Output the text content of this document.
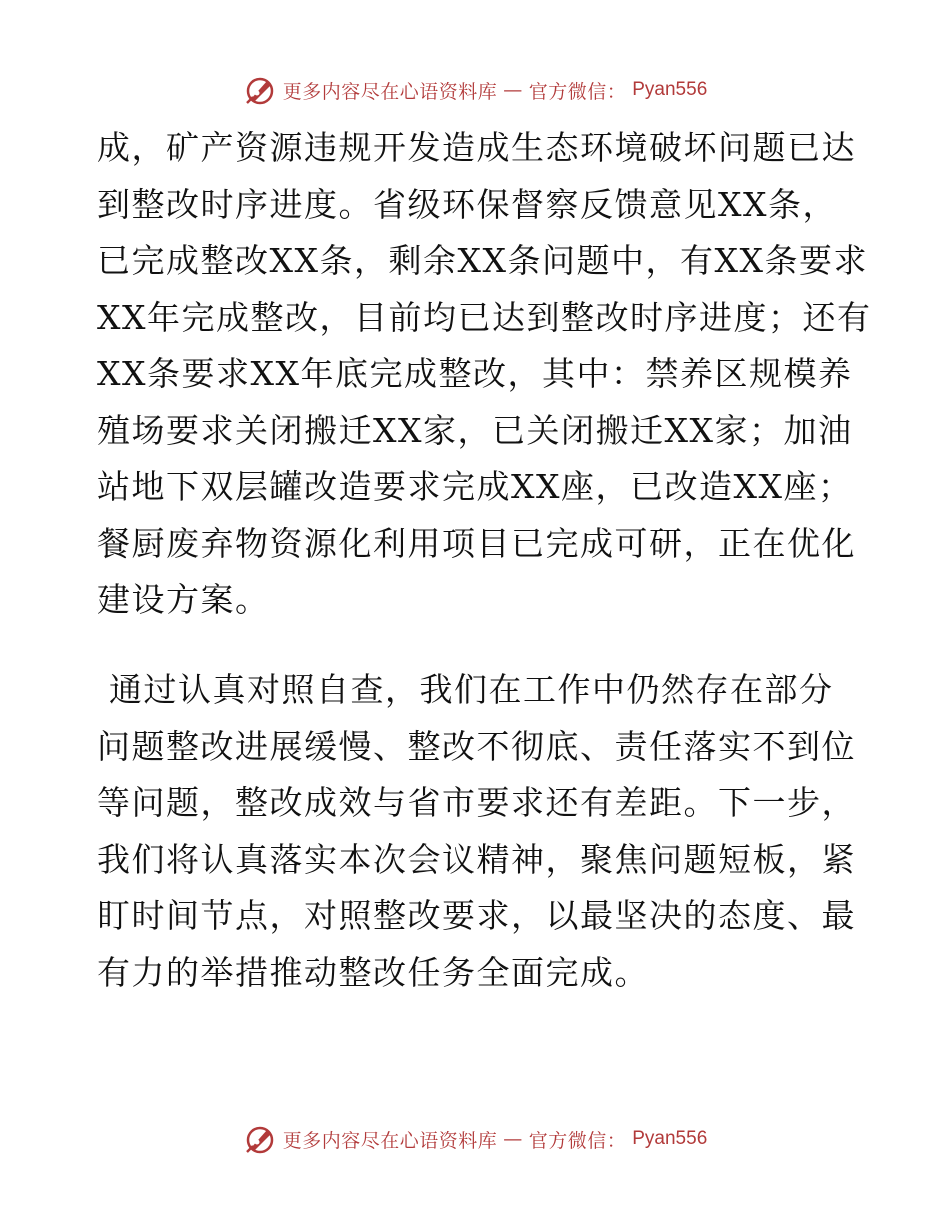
更多内容尽在心语资料库 — 官方微信： Pyan556
成，矿产资源违规开发造成生态环境破坏问题已达
到整改时序进度。省级环保督察反馈意见XX条，
已完成整改XX条，剩余XX条问题中，有XX条要求
XX年完成整改，目前均已达到整改时序进度；还有
XX条要求XX年底完成整改，其中：禁养区规模养
殖场要求关闭搬迁XX家，已关闭搬迁XX家；加油
站地下双层罐改造要求完成XX座，已改造XX座；
餐厨废弃物资源化利用项目已完成可研，正在优化
建设方案。
通过认真对照自查，我们在工作中仍然存在部分
问题整改进展缓慢、整改不彻底、责任落实不到位
等问题，整改成效与省市要求还有差距。下一步，
我们将认真落实本次会议精神，聚焦问题短板，紧
盯时间节点，对照整改要求，以最坚决的态度、最
有力的举措推动整改任务全面完成。
更多内容尽在心语资料库 — 官方微信： Pyan556
